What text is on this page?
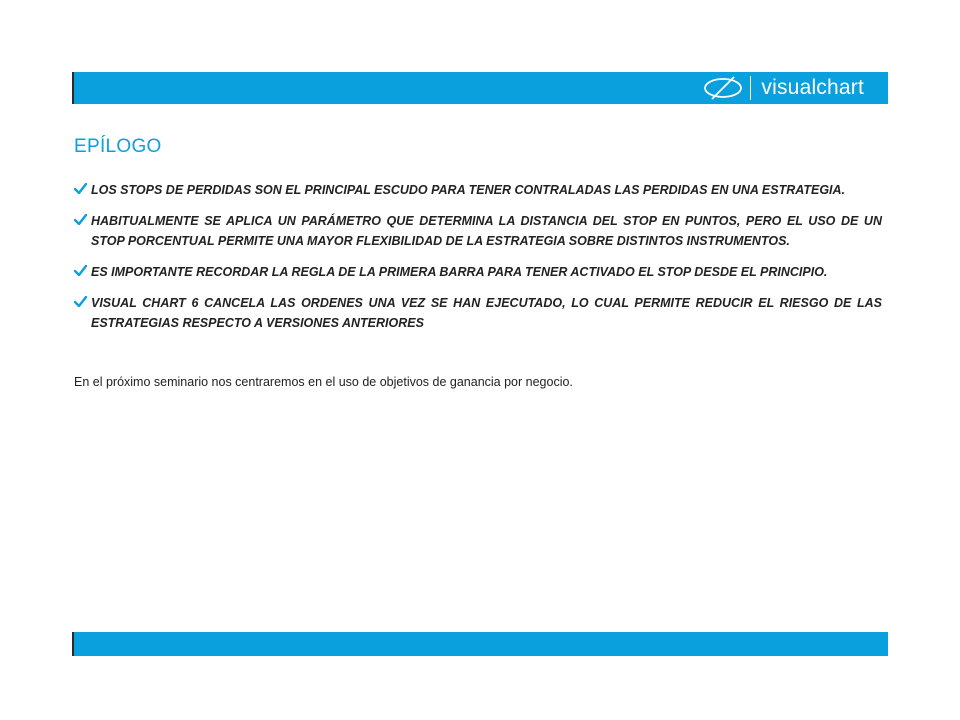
visualchart
EPÍLOGO
LOS STOPS DE PERDIDAS SON EL PRINCIPAL ESCUDO PARA TENER CONTRALADAS LAS PERDIDAS EN UNA ESTRATEGIA.
HABITUALMENTE SE APLICA UN PARÁMETRO QUE DETERMINA LA DISTANCIA DEL STOP EN PUNTOS, PERO EL USO DE UN STOP PORCENTUAL PERMITE UNA MAYOR FLEXIBILIDAD DE LA ESTRATEGIA SOBRE DISTINTOS INSTRUMENTOS.
ES IMPORTANTE RECORDAR LA REGLA DE LA PRIMERA BARRA PARA TENER ACTIVADO EL STOP DESDE EL PRINCIPIO.
VISUAL CHART 6 CANCELA LAS ORDENES UNA VEZ SE HAN EJECUTADO, LO CUAL PERMITE REDUCIR EL RIESGO DE LAS ESTRATEGIAS RESPECTO A VERSIONES ANTERIORES
En el próximo seminario nos centraremos en el uso de objetivos de ganancia por negocio.
